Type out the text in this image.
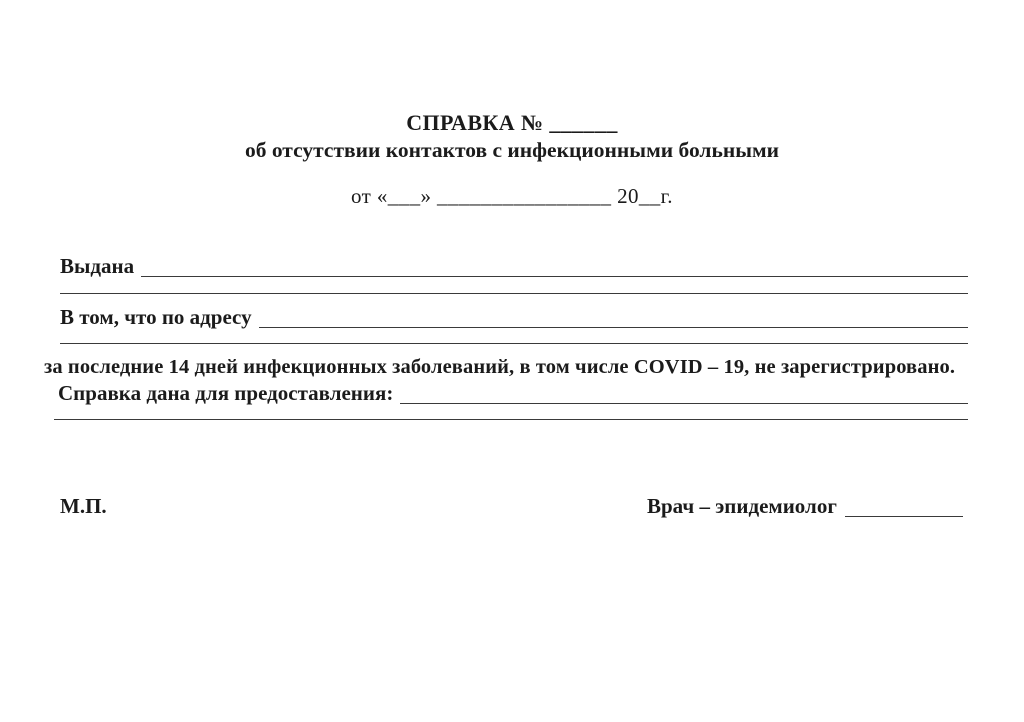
СПРАВКА № ______
об отсутствии контактов с инфекционными больными
от «___» ________________ 20__г.
Выдана
В том, что по адресу
за последние 14 дней инфекционных заболеваний, в том числе COVID – 19, не зарегистрировано.
Справка дана для предоставления:
М.П.	Врач – эпидемиолог
